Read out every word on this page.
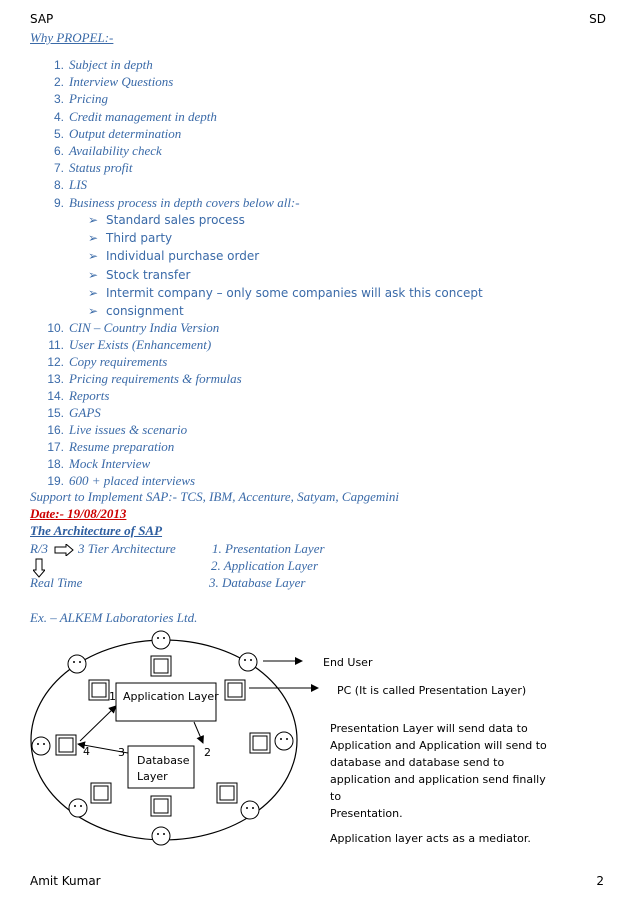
SAP	SD
Why PROPEL:-
1. Subject in depth
2. Interview Questions
3. Pricing
4. Credit management in depth
5. Output determination
6. Availability check
7. Status profit
8. LIS
9. Business process in depth covers below all:-
➢ Standard sales process
➢ Third party
➢ Individual purchase order
➢ Stock transfer
➢ Intermit company – only some companies will ask this concept
➢ consignment
10. CIN – Country India Version
11. User Exists (Enhancement)
12. Copy requirements
13. Pricing requirements & formulas
14. Reports
15. GAPS
16. Live issues & scenario
17. Resume preparation
18. Mock Interview
19. 600 + placed interviews
Support to Implement SAP:- TCS, IBM, Accenture, Satyam, Capgemini
Date:- 19/08/2013
The Architecture of SAP
R/3 3 Tier Architecture
Real Time
1. Presentation Layer
2. Application Layer
3. Database Layer
Ex. – ALKEM Laboratories Ltd.
Application Layer
Database
Layer
1
2
3
4
End User
PC (It is called Presentation Layer)
Presentation Layer will send data to
Application and Application will send to
database and database send to
application and application send finally to
Presentation.
Application layer acts as a mediator.
Amit Kumar	2
